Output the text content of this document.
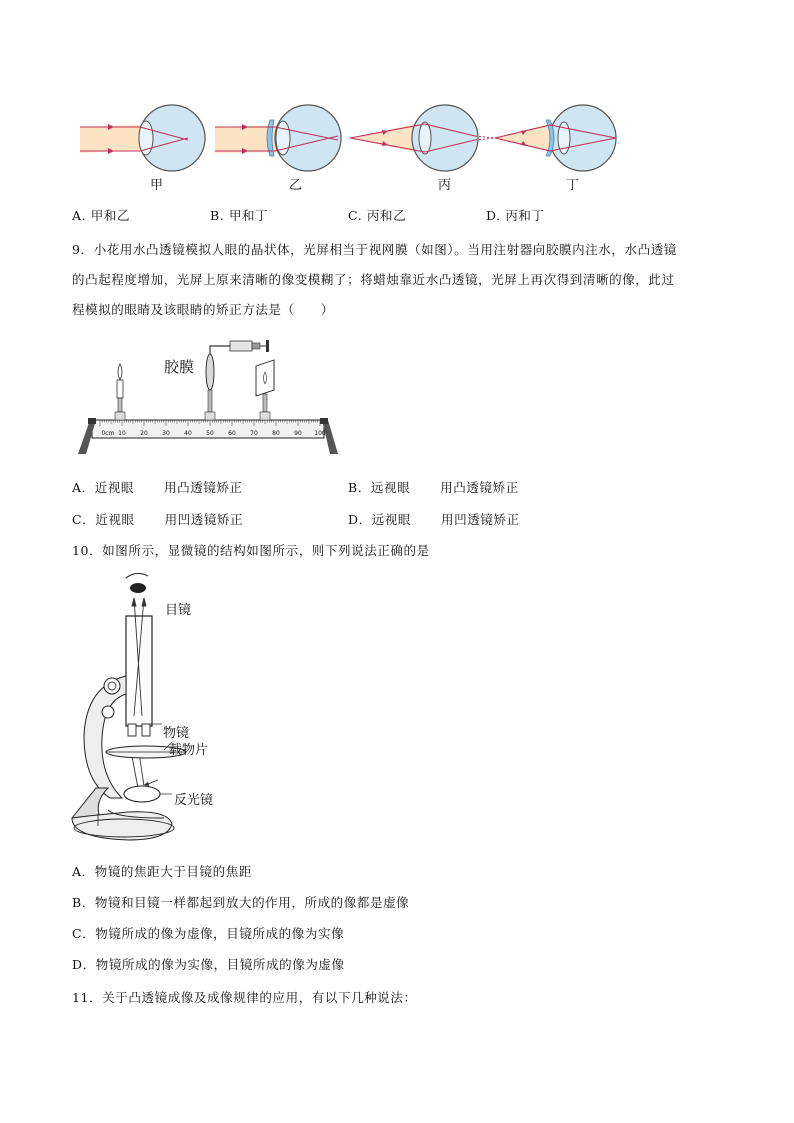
甲	乙	丙	丁
A. 甲和乙	B. 甲和丁	C. 丙和乙	D. 丙和丁
9．小花用水凸透镜模拟人眼的晶状体，光屏相当于视网膜（如图）。当用注射器向胶膜内注水，水凸透镜
的凸起程度增加，光屏上原来清晰的像变模糊了；将蜡烛靠近水凸透镜，光屏上再次得到清晰的像，此过
程模拟的眼睛及该眼睛的矫正方法是（　　）
0cm 10 20 30 40 50 60 70 80 90 100
胶膜
A．近视眼 用凸透镜矫正	B．远视眼 用凸透镜矫正
C．近视眼 用凹透镜矫正	D．远视眼 用凹透镜矫正
10．如图所示，显微镜的结构如图所示，则下列说法正确的是
目镜
物镜
载物片
反光镜
A．物镜的焦距大于目镜的焦距
B．物镜和目镜一样都起到放大的作用，所成的像都是虚像
C．物镜所成的像为虚像，目镜所成的像为实像
D．物镜所成的像为实像，目镜所成的像为虚像
11．关于凸透镜成像及成像规律的应用，有以下几种说法：
